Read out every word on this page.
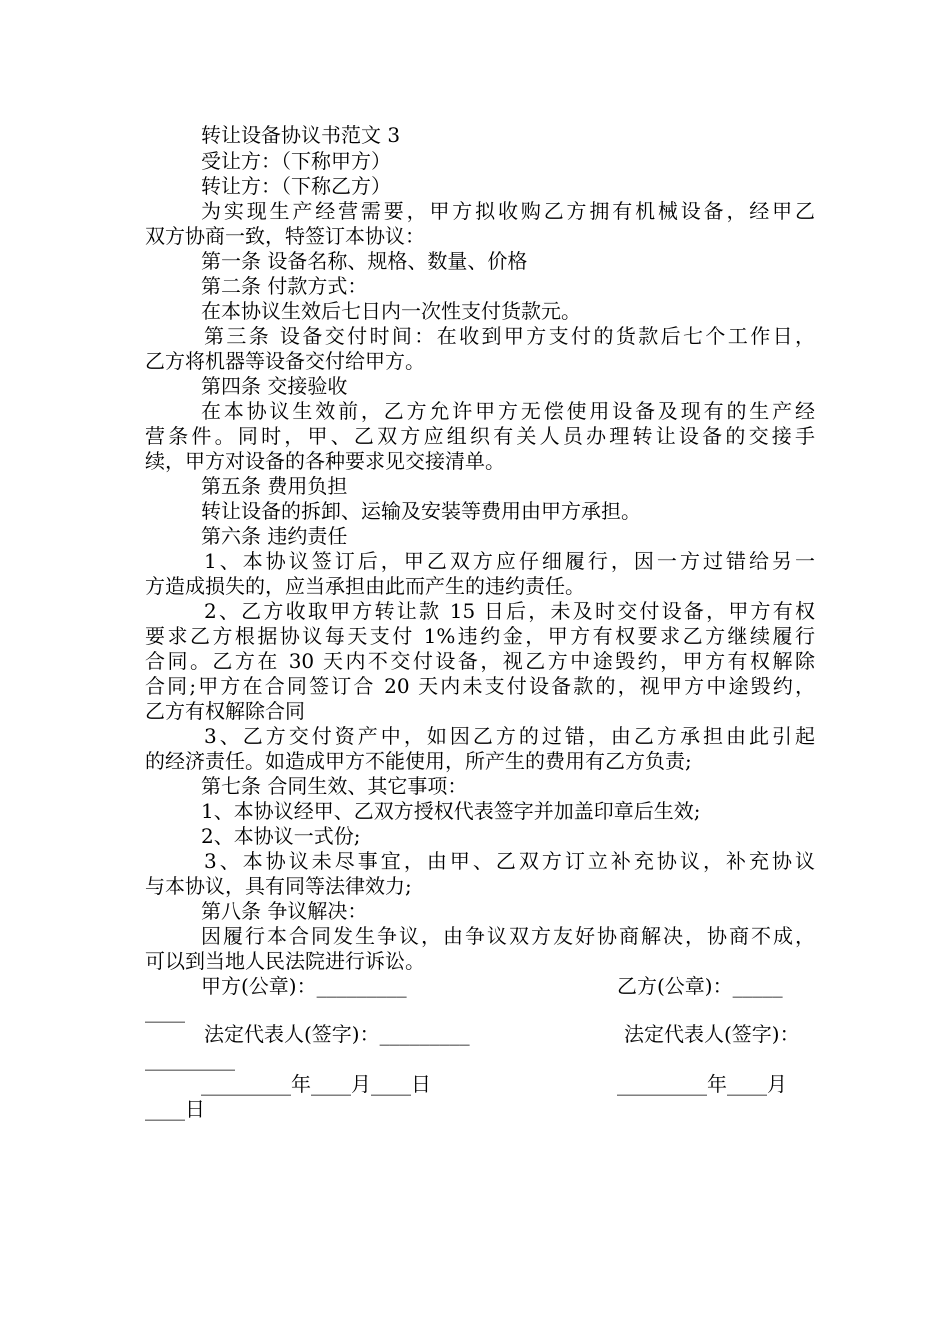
转让设备协议书范文 3
受让方：（下称甲方）
转让方：（下称乙方）
为实现生产经营需要，甲方拟收购乙方拥有机械设备，经甲乙
双方协商一致，特签订本协议：
第一条 设备名称、规格、数量、价格
第二条 付款方式：
在本协议生效后七日内一次性支付货款元。
第三条 设备交付时间：在收到甲方支付的货款后七个工作日，
乙方将机器等设备交付给甲方。
第四条 交接验收
在本协议生效前，乙方允许甲方无偿使用设备及现有的生产经
营条件。同时，甲、乙双方应组织有关人员办理转让设备的交接手
续，甲方对设备的各种要求见交接清单。
第五条 费用负担
转让设备的拆卸、运输及安装等费用由甲方承担。
第六条 违约责任
1、本协议签订后，甲乙双方应仔细履行，因一方过错给另一
方造成损失的，应当承担由此而产生的违约责任。
2、乙方收取甲方转让款 15 日后，未及时交付设备，甲方有权
要求乙方根据协议每天支付 1%违约金，甲方有权要求乙方继续履行
合同。乙方在 30 天内不交付设备，视乙方中途毁约，甲方有权解除
合同;甲方在合同签订合 20 天内未支付设备款的，视甲方中途毁约，
乙方有权解除合同
3、乙方交付资产中，如因乙方的过错，由乙方承担由此引起
的经济责任。如造成甲方不能使用，所产生的费用有乙方负责;
第七条 合同生效、其它事项：
1、本协议经甲、乙双方授权代表签字并加盖印章后生效;
2、本协议一式份;
3、本协议未尽事宜，由甲、乙双方订立补充协议，补充协议
与本协议，具有同等法律效力;
第八条 争议解决：
因履行本合同发生争议，由争议双方友好协商解决，协商不成，
可以到当地人民法院进行诉讼。
甲方(公章)：_________	乙方(公章)：_____
____
法定代表人(签字)：_________	法定代表人(签字)：
_________
_________年____月____日	_________年____月
____日
